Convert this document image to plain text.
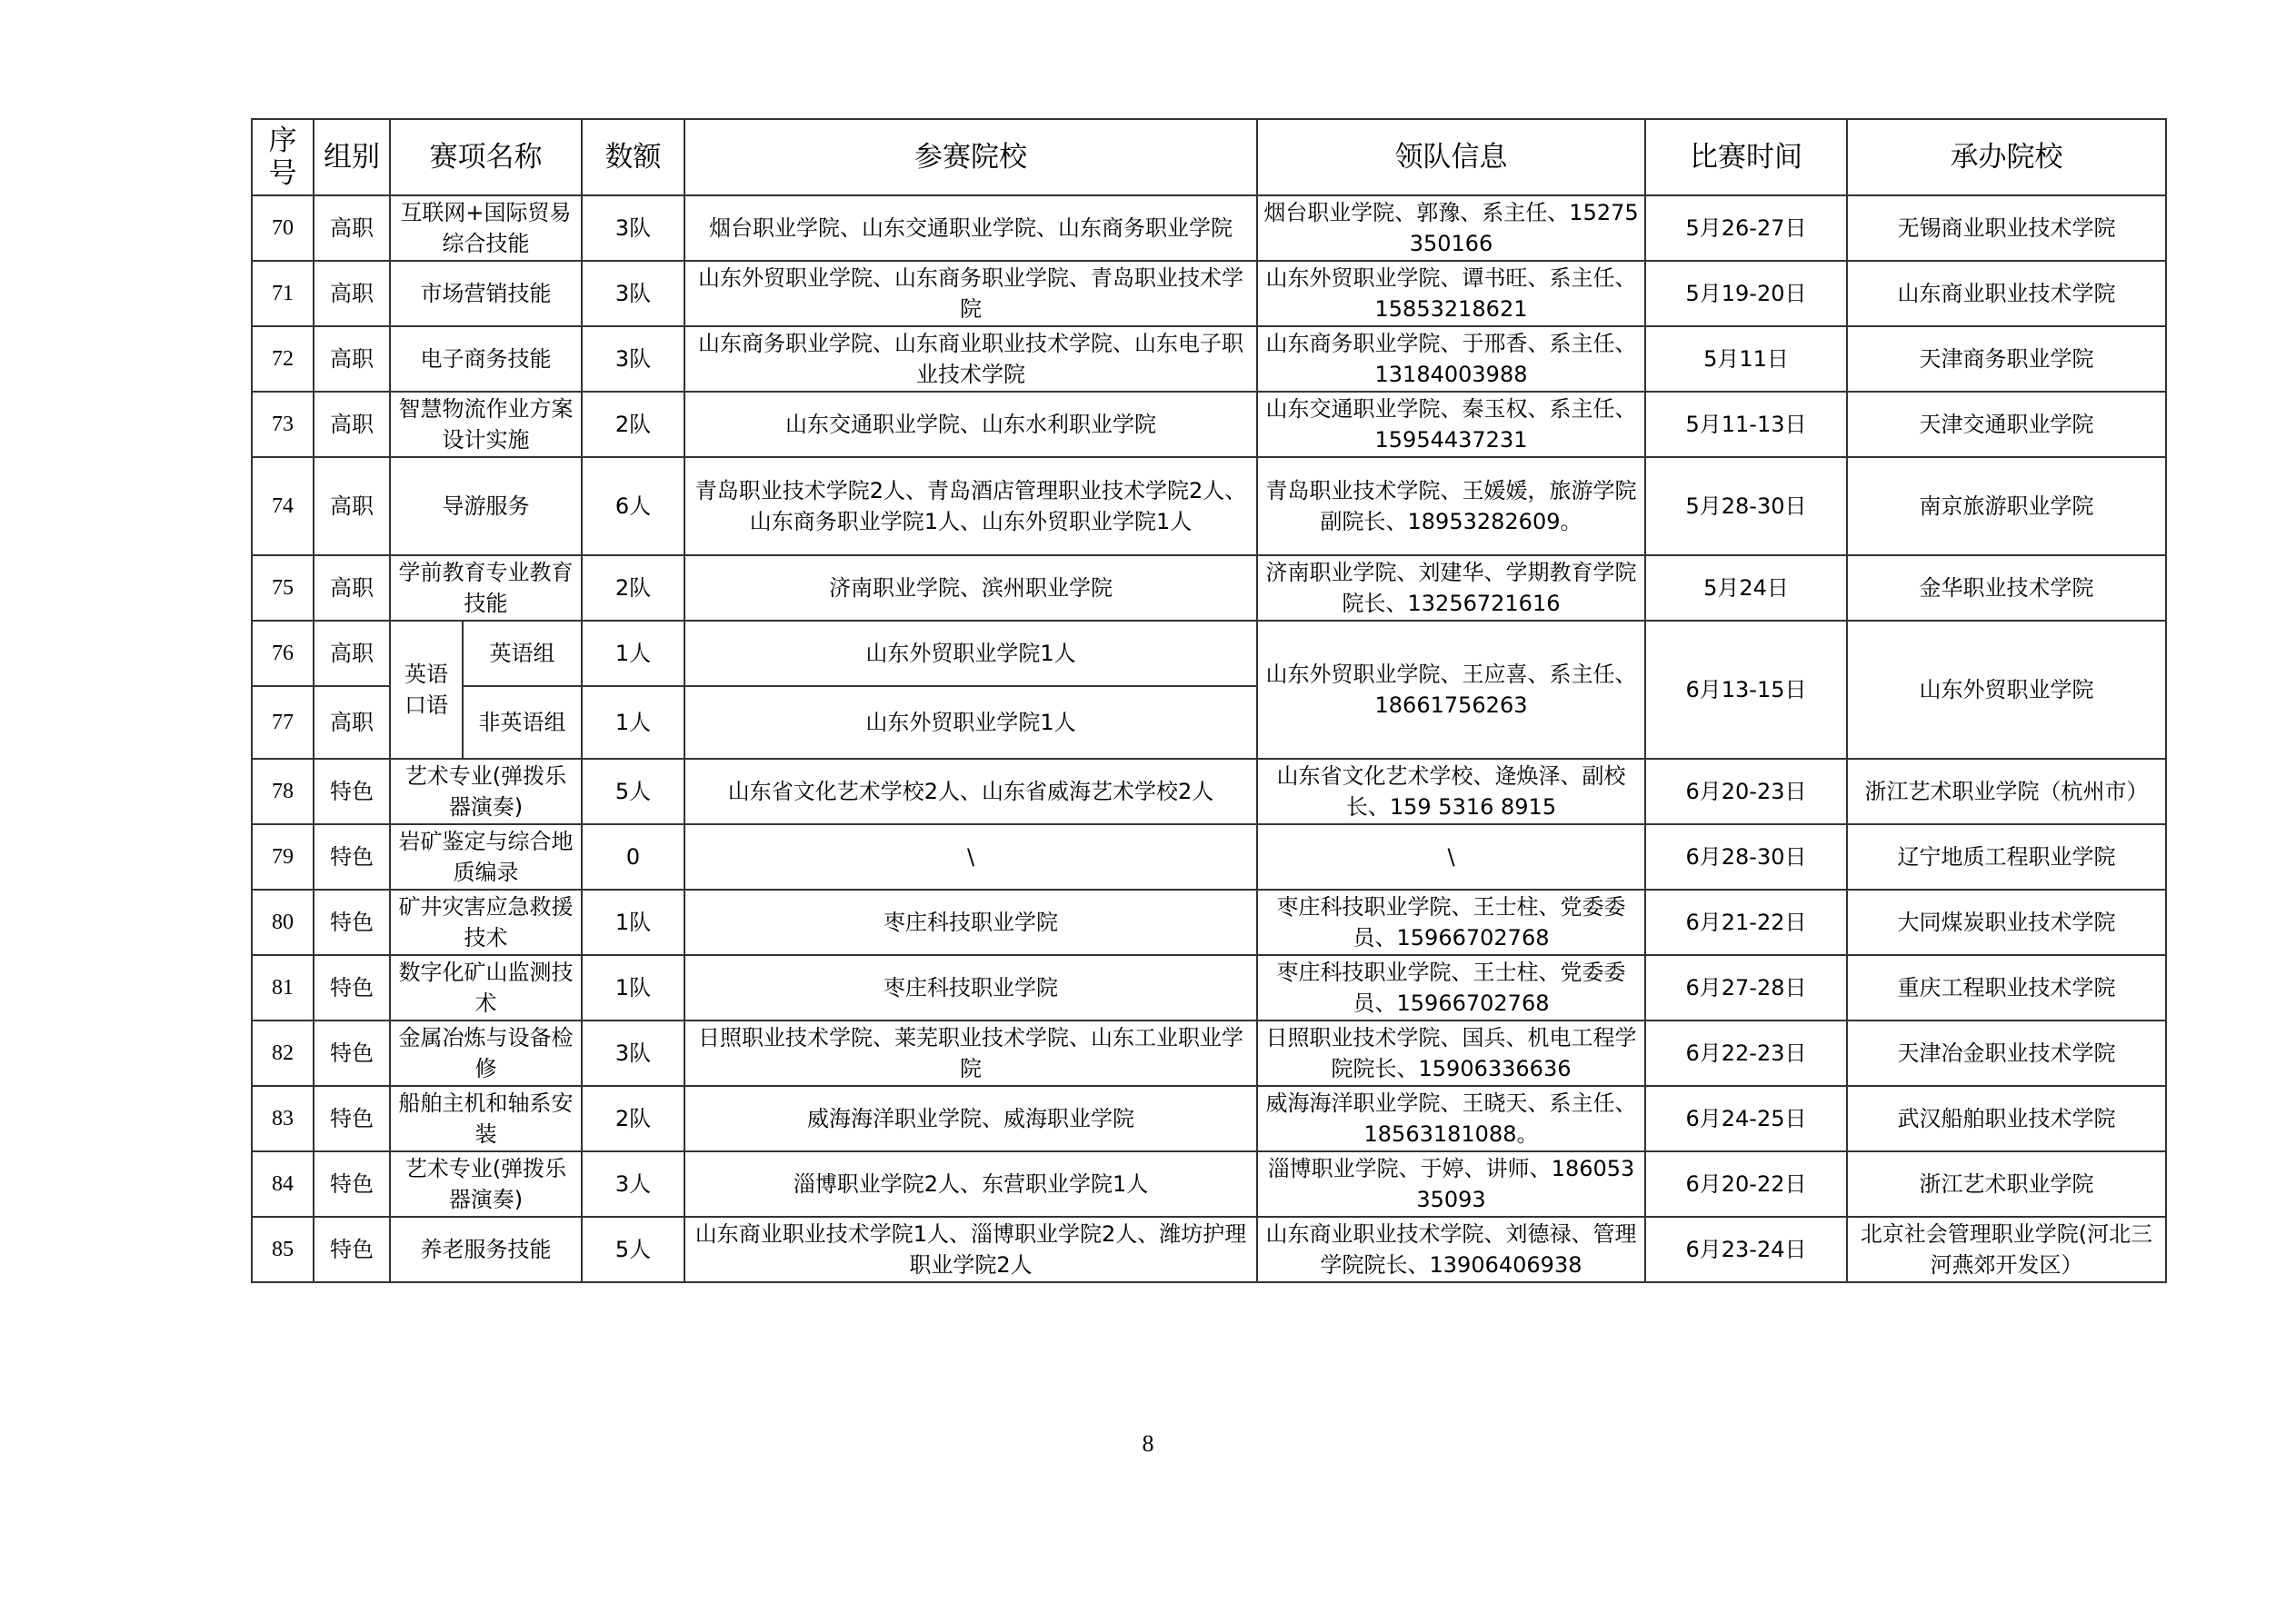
序号	组别	赛项名称		数额	参赛院校	领队信息	比赛时间	承办院校
70	高职	互联网+国际贸易综合技能		3队	烟台职业学院、山东交通职业学院、山东商务职业学院	烟台职业学院、郭豫、系主任、15275350166	5月26-27日	无锡商业职业技术学院
71	高职	市场营销技能		3队	山东外贸职业学院、山东商务职业学院、青岛职业技术学院	山东外贸职业学院、谭书旺、系主任、15853218621	5月19-20日	山东商业职业技术学院
72	高职	电子商务技能		3队	山东商务职业学院、山东商业职业技术学院、山东电子职业技术学院	山东商务职业学院、于邢香、系主任、13184003988	5月11日	天津商务职业学院
73	高职	智慧物流作业方案设计实施		2队	山东交通职业学院、山东水利职业学院	山东交通职业学院、秦玉权、系主任、15954437231	5月11-13日	天津交通职业学院
74	高职	导游服务		6人	青岛职业技术学院2人、青岛酒店管理职业技术学院2人、山东商务职业学院1人、山东外贸职业学院1人	青岛职业技术学院、王媛媛，旅游学院副院长、18953282609。	5月28-30日	南京旅游职业学院
75	高职	学前教育专业教育技能		2队	济南职业学院、滨州职业学院	济南职业学院、刘建华、学期教育学院院长、13256721616	5月24日	金华职业技术学院
76	高职	英语口语	英语组	1人	山东外贸职业学院1人	山东外贸职业学院、王应喜、系主任、18661756263	6月13-15日	山东外贸职业学院
77	高职		非英语组	1人	山东外贸职业学院1人			
78	特色	艺术专业(弹拨乐器演奏)		5人	山东省文化艺术学校2人、山东省威海艺术学校2人	山东省文化艺术学校、逄焕泽、副校长、159 5316 8915	6月20-23日	浙江艺术职业学院（杭州市）
79	特色	岩矿鉴定与综合地质编录		0	\	\	6月28-30日	辽宁地质工程职业学院
80	特色	矿井灾害应急救援技术		1队	枣庄科技职业学院	枣庄科技职业学院、王士柱、党委委员、15966702768	6月21-22日	大同煤炭职业技术学院
81	特色	数字化矿山监测技术		1队	枣庄科技职业学院	枣庄科技职业学院、王士柱、党委委员、15966702768	6月27-28日	重庆工程职业技术学院
82	特色	金属冶炼与设备检修		3队	日照职业技术学院、莱芜职业技术学院、山东工业职业学院	日照职业技术学院、国兵、机电工程学院院长、15906336636	6月22-23日	天津冶金职业技术学院
83	特色	船舶主机和轴系安装		2队	威海海洋职业学院、威海职业学院	威海海洋职业学院、王晓天、系主任、18563181088。	6月24-25日	武汉船舶职业技术学院
84	特色	艺术专业(弹拨乐器演奏)		3人	淄博职业学院2人、东营职业学院1人	淄博职业学院、于婷、讲师、18605335093	6月20-22日	浙江艺术职业学院
85	特色	养老服务技能		5人	山东商业职业技术学院1人、淄博职业学院2人、潍坊护理职业学院2人	山东商业职业技术学院、刘德禄、管理学院院长、13906406938	6月23-24日	北京社会管理职业学院(河北三河燕郊开发区）
8
